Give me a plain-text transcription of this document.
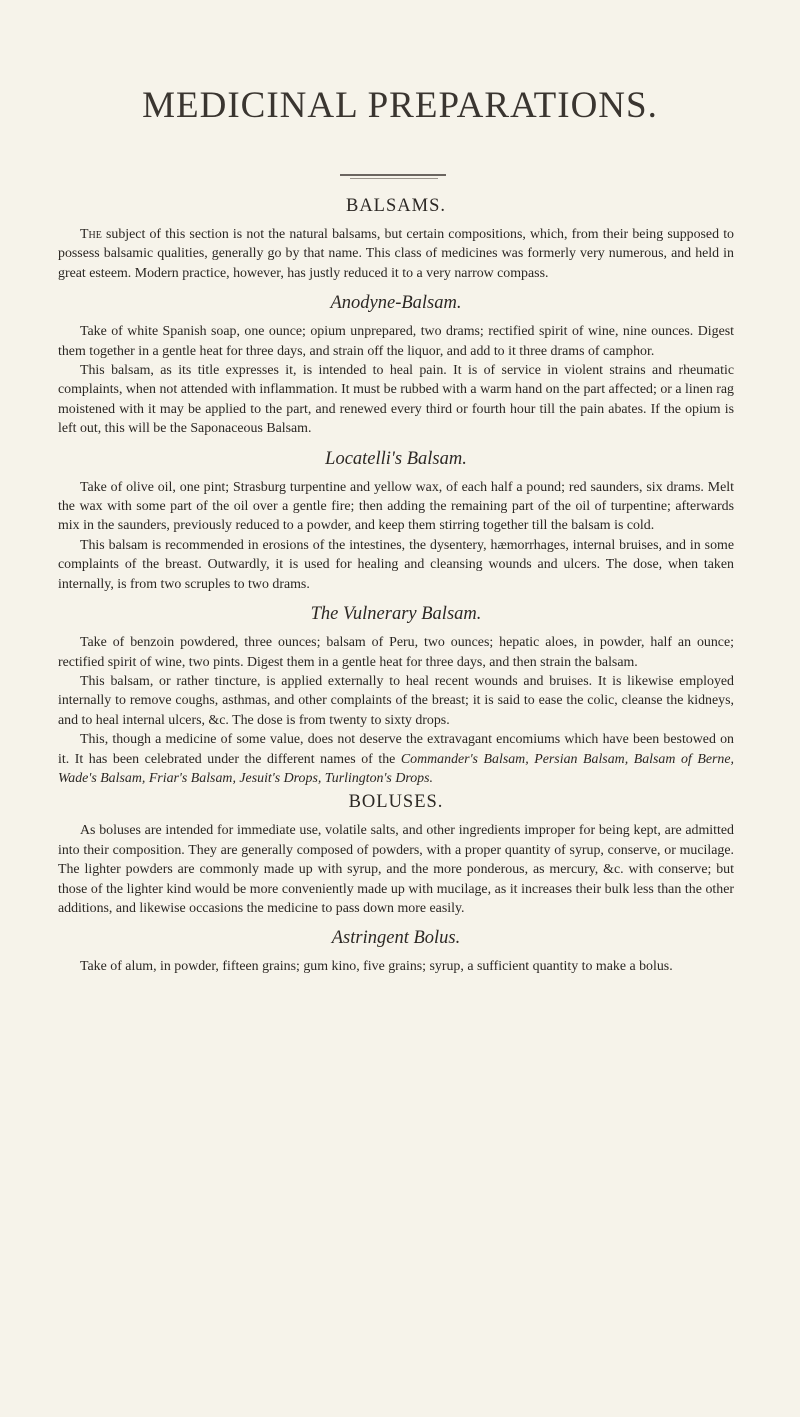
MEDICINAL PREPARATIONS.
BALSAMS.

The subject of this section is not the natural balsams, but certain compositions, which, from their being supposed to possess balsamic qualities, generally go by that name. This class of medicines was formerly very numerous, and held in great esteem. Modern practice, however, has justly reduced it to a very narrow compass.

Anodyne-Balsam.

Take of white Spanish soap, one ounce; opium unprepared, two drams; rectified spirit of wine, nine ounces. Digest them together in a gentle heat for three days, and strain off the liquor, and add to it three drams of camphor.

This balsam, as its title expresses it, is intended to heal pain. It is of service in violent strains and rheumatic complaints, when not attended with inflammation. It must be rubbed with a warm hand on the part affected; or a linen rag moistened with it may be applied to the part, and renewed every third or fourth hour till the pain abates. If the opium is left out, this will be the Saponaceous Balsam.

Locatelli's Balsam.

Take of olive oil, one pint; Strasburg turpentine and yellow wax, of each half a pound; red saunders, six drams. Melt the wax with some part of the oil over a gentle fire; then adding the remaining part of the oil of turpentine; afterwards mix in the saunders, previously reduced to a powder, and keep them stirring together till the balsam is cold.

This balsam is recommended in erosions of the intestines, the dysentery, hæmorrhages, internal bruises, and in some complaints of the breast. Outwardly, it is used for healing and cleansing wounds and ulcers. The dose, when taken internally, is from two scruples to two drams.

The Vulnerary Balsam.

Take of benzoin powdered, three ounces; balsam of Peru, two ounces; hepatic aloes, in powder, half an ounce; rectified spirit of wine, two pints. Digest them in a gentle heat for three days, and then strain the balsam.

This balsam, or rather tincture, is applied externally to heal recent wounds and bruises. It is likewise employed internally to remove coughs, asthmas, and other complaints of the breast; it is said to ease the colic, cleanse the kidneys, and to heal internal ulcers, &c. The dose is from twenty to sixty drops.

This, though a medicine of some value, does not deserve the extravagant encomiums which have been bestowed on it. It has been celebrated under the different names of the Commander's Balsam, Persian Balsam, Balsam of Berne, Wade's Balsam, Friar's Balsam, Jesuit's Drops, Turlington's Drops.

BOLUSES.

As boluses are intended for immediate use, volatile salts, and other ingredients improper for being kept, are admitted into their composition. They are generally composed of powders, with a proper quantity of syrup, conserve, or mucilage. The lighter powders are commonly made up with syrup, and the more ponderous, as mercury, &c. with conserve; but those of the lighter kind would be more conveniently made up with mucilage, as it increases their bulk less than the other additions, and likewise occasions the medicine to pass down more easily.

Astringent Bolus.

Take of alum, in powder, fifteen grains; gum kino, five grains; syrup, a sufficient quantity to make a bolus.
